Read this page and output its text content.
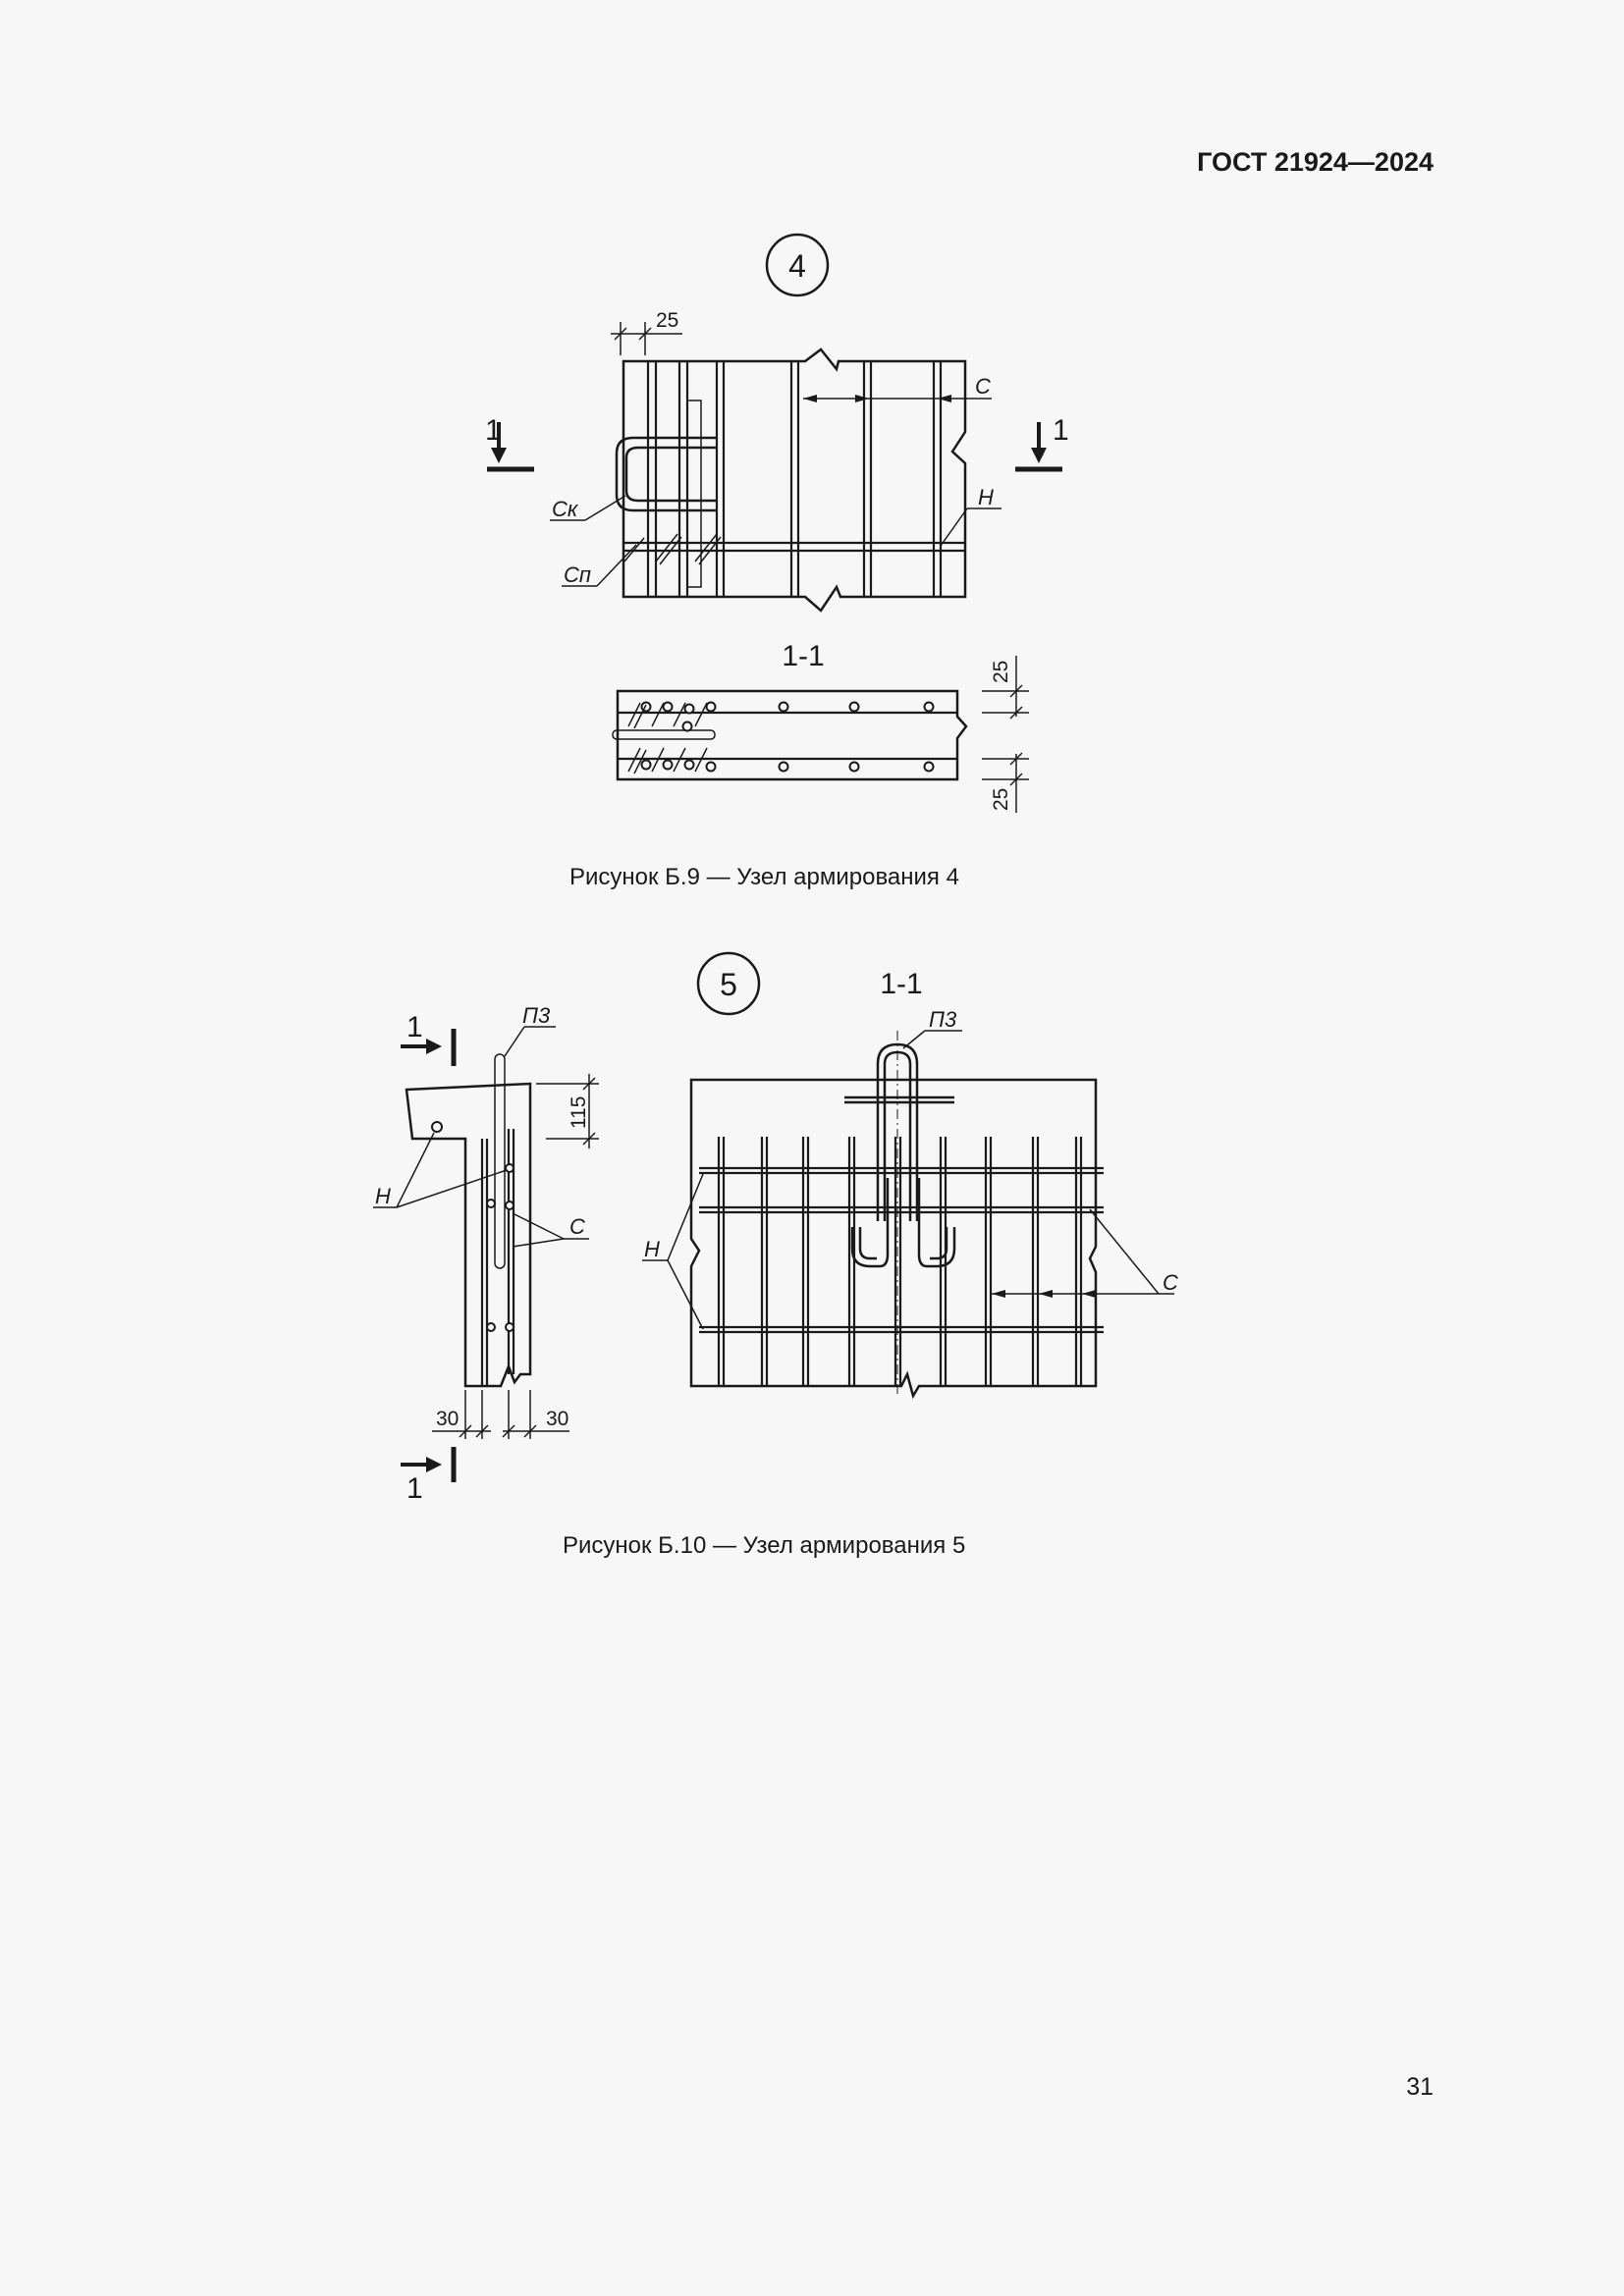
ГОСТ 21924—2024
4
25
С
Н
Ск
Сп
1	1
1-1	25
25
5	1-1
П3
Н
С
115
30	30
1
1
П3
Н
С
Рисунок Б.9 — Узел армирования 4
Рисунок Б.10 — Узел армирования 5
31
